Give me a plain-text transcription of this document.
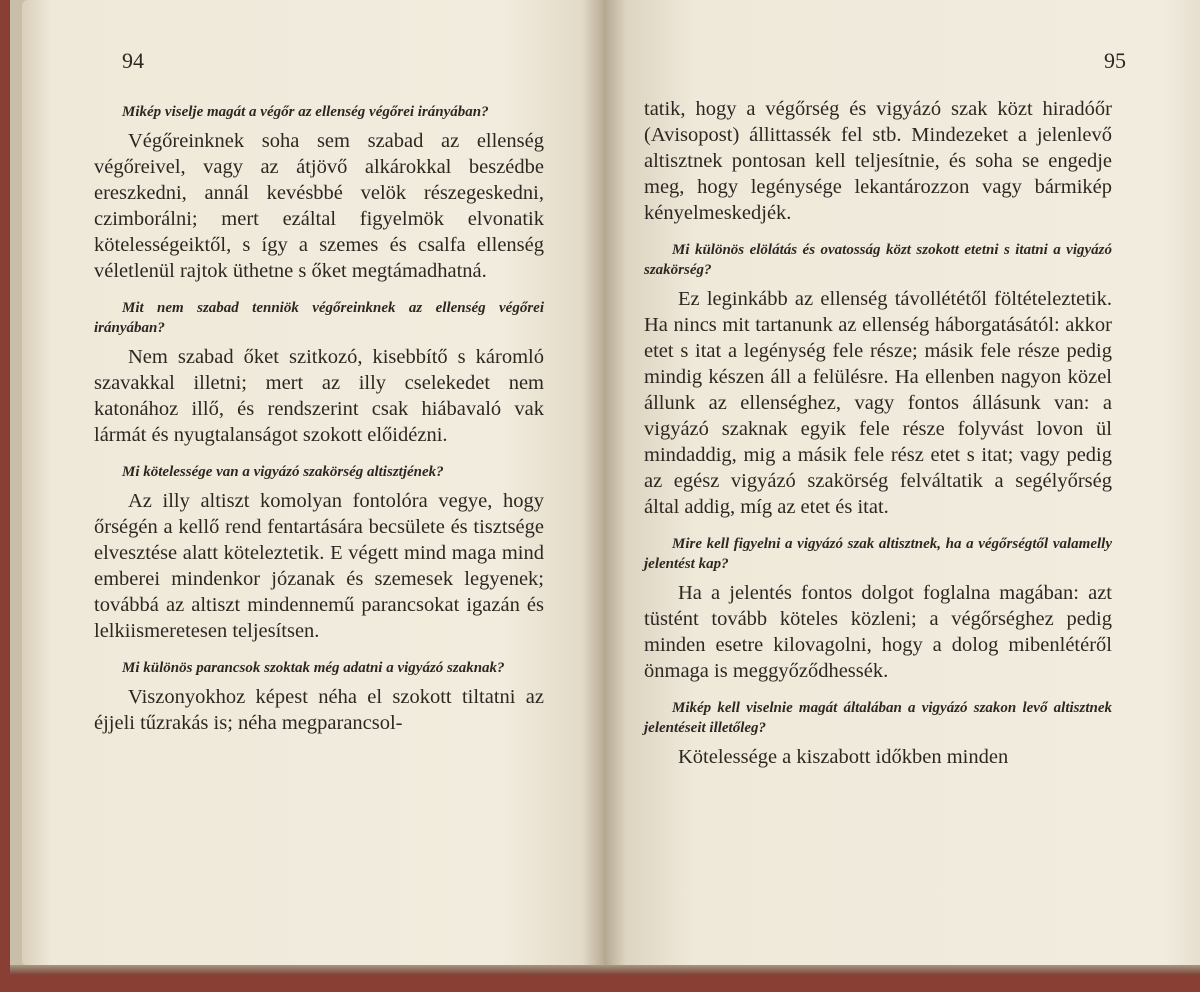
94

Mikép viselje magát a végőr az ellenség végőrei irányában?

Végőreinknek soha sem szabad az ellenség végőreivel, vagy az átjövő alkárokkal beszédbe ereszkedni, annál kevésbbé velök részegeskedni, czimborálni; mert ezáltal figyelmök elvonatik kötelességeiktől, s így a szemes és csalfa ellenség véletlenül rajtok üthetne s őket megtámadhatná.

Mit nem szabad tenniök végőreinknek az ellenség végőrei irányában?

Nem szabad őket szitkozó, kisebbítő s káromló szavakkal illetni; mert az illy cselekedet nem katonához illő, és rendszerint csak hiábavaló vak lármát és nyugtalanságot szokott előidézni.

Mi kötelessége van a vigyázó szakörség altisztjének?

Az illy altiszt komolyan fontolóra vegye, hogy őrségén a kellő rend fentartására becsülete és tisztsége elvesztése alatt köteleztetik. E végett mind maga mind emberei mindenkor józanak és szemesek legyenek; továbbá az altiszt mindennemű parancsokat igazán és lelkiismeretesen teljesítsen.

Mi különös parancsok szoktak még adatni a vigyázó szaknak?

Viszonyokhoz képest néha el szokott tiltatni az éjjeli tűzrakás is; néha megparancsol-

95

tatik, hogy a végőrség és vigyázó szak közt hiradóőr (Avisopost) állittassék fel stb. Mindezeket a jelenlevő altisztnek pontosan kell teljesítnie, és soha se engedje meg, hogy legénysége lekantározzon vagy bármikép kényelmeskedjék.

Mi különös elölátás és ovatosság közt szokott etetni s itatni a vigyázó szakörség?

Ez leginkább az ellenség távollététől föltételeztetik. Ha nincs mit tartanunk az ellenség háborgatásától: akkor etet s itat a legénység fele része; másik fele része pedig mindig készen áll a felülésre. Ha ellenben nagyon közel állunk az ellenséghez, vagy fontos állásunk van: a vigyázó szaknak egyik fele része folyvást lovon ül mindaddig, mig a másik fele rész etet s itat; vagy pedig az egész vigyázó szakörség felváltatik a segélyőrség által addig, míg az etet és itat.

Mire kell figyelni a vigyázó szak altisztnek, ha a végőrségtől valamelly jelentést kap?

Ha a jelentés fontos dolgot foglalna magában: azt tüstént tovább köteles közleni; a végőrséghez pedig minden esetre kilovagolni, hogy a dolog mibenlétéről önmaga is meggyőződhessék.

Mikép kell viselnie magát általában a vigyázó szakon levő altisztnek jelentéseit illetőleg?

Kötelessége a kiszabott időkben minden
